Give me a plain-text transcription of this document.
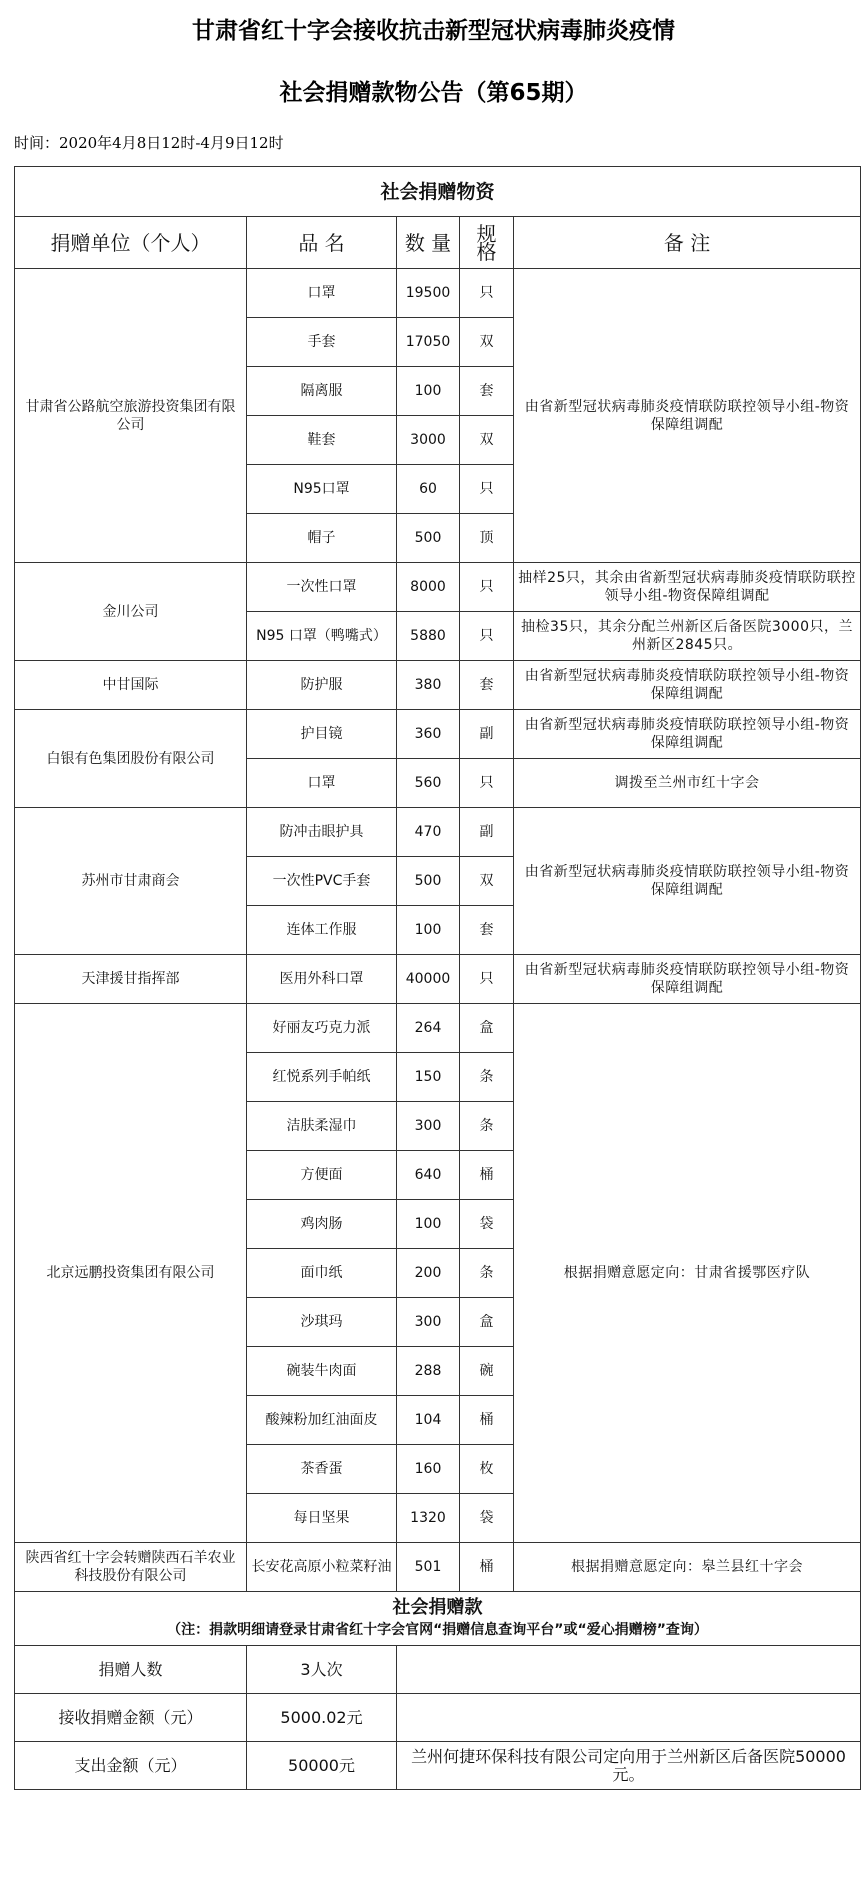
甘肃省红十字会接收抗击新型冠状病毒肺炎疫情
社会捐赠款物公告（第65期）
时间：2020年4月8日12时-4月9日12时
社会捐赠物资				
捐赠单位（个人）	品 名	数 量	规 格	备 注
甘肃省公路航空旅游投资集团有限公司	口罩	19500	只	由省新型冠状病毒肺炎疫情联防联控领导小组-物资保障组调配
	手套	17050	双	
	隔离服	100	套	
	鞋套	3000	双	
	N95口罩	60	只	
	帽子	500	顶	
金川公司	一次性口罩	8000	只	抽样25只，其余由省新型冠状病毒肺炎疫情联防联控领导小组-物资保障组调配
	N95 口罩（鸭嘴式）	5880	只	抽检35只，其余分配兰州新区后备医院3000只，兰州新区2845只。
中甘国际	防护服	380	套	由省新型冠状病毒肺炎疫情联防联控领导小组-物资保障组调配
白银有色集团股份有限公司	护目镜	360	副	由省新型冠状病毒肺炎疫情联防联控领导小组-物资保障组调配
	口罩	560	只	调拨至兰州市红十字会
苏州市甘肃商会	防冲击眼护具	470	副	由省新型冠状病毒肺炎疫情联防联控领导小组-物资保障组调配
	一次性PVC手套	500	双	
	连体工作服	100	套	
天津援甘指挥部	医用外科口罩	40000	只	由省新型冠状病毒肺炎疫情联防联控领导小组-物资保障组调配
北京远鹏投资集团有限公司	好丽友巧克力派	264	盒	根据捐赠意愿定向：甘肃省援鄂医疗队
	红悦系列手帕纸	150	条	
	洁肤柔湿巾	300	条	
	方便面	640	桶	
	鸡肉肠	100	袋	
	面巾纸	200	条	
	沙琪玛	300	盒	
	碗装牛肉面	288	碗	
	酸辣粉加红油面皮	104	桶	
	茶香蛋	160	枚	
	每日坚果	1320	袋	
陕西省红十字会转赠陕西石羊农业科技股份有限公司	长安花高原小粒菜籽油	501	桶	根据捐赠意愿定向：皋兰县红十字会

社会捐赠款
（注：捐款明细请登录甘肃省红十字会官网“捐赠信息查询平台”或“爱心捐赠榜”查询）				

捐赠人数	3人次			
接收捐赠金额（元）	5000.02元			
支出金额（元）	50000元	兰州何捷环保科技有限公司定向用于兰州新区后备医院50000元。		
